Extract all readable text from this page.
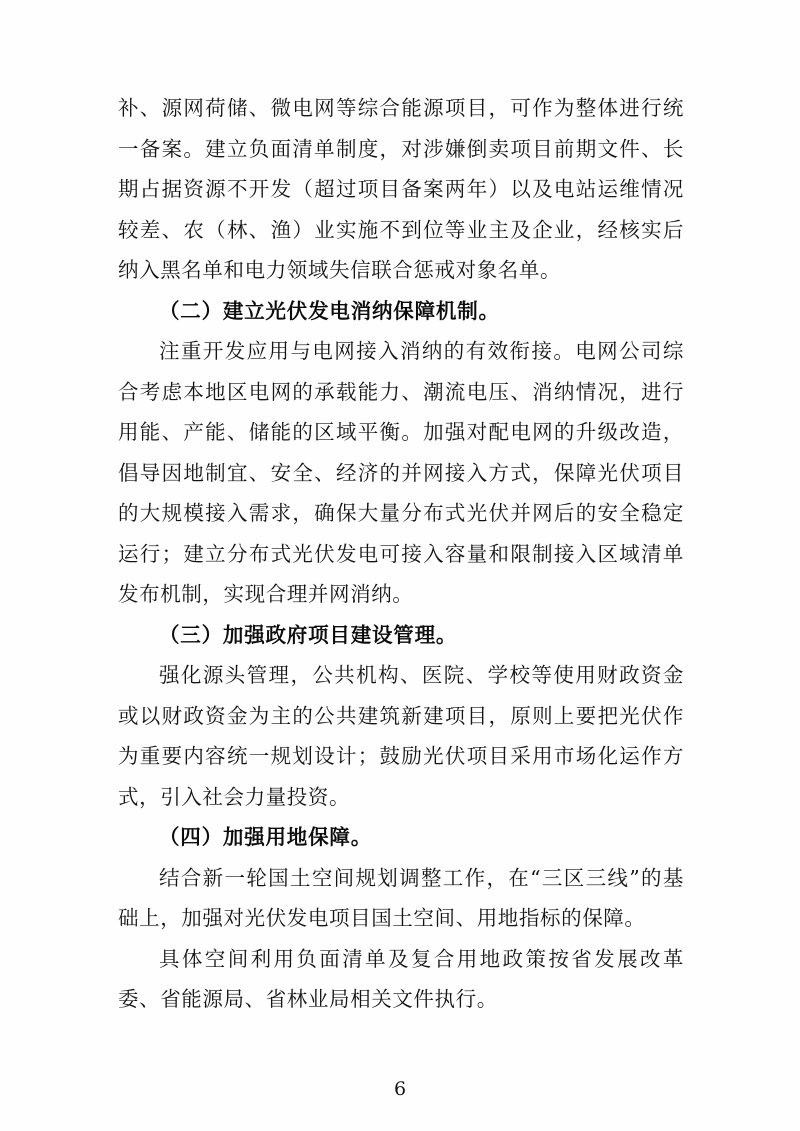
补、源网荷储、微电网等综合能源项目，可作为整体进行统一备案。建立负面清单制度，对涉嫌倒卖项目前期文件、长期占据资源不开发（超过项目备案两年）以及电站运维情况较差、农（林、渔）业实施不到位等业主及企业，经核实后纳入黑名单和电力领域失信联合惩戒对象名单。

（二）建立光伏发电消纳保障机制。

注重开发应用与电网接入消纳的有效衔接。电网公司综合考虑本地区电网的承载能力、潮流电压、消纳情况，进行用能、产能、储能的区域平衡。加强对配电网的升级改造，倡导因地制宜、安全、经济的并网接入方式，保障光伏项目的大规模接入需求，确保大量分布式光伏并网后的安全稳定运行；建立分布式光伏发电可接入容量和限制接入区域清单发布机制，实现合理并网消纳。

（三）加强政府项目建设管理。

强化源头管理，公共机构、医院、学校等使用财政资金或以财政资金为主的公共建筑新建项目，原则上要把光伏作为重要内容统一规划设计；鼓励光伏项目采用市场化运作方式，引入社会力量投资。

（四）加强用地保障。

结合新一轮国土空间规划调整工作，在“三区三线”的基础上，加强对光伏发电项目国土空间、用地指标的保障。

具体空间利用负面清单及复合用地政策按省发展改革委、省能源局、省林业局相关文件执行。

6
